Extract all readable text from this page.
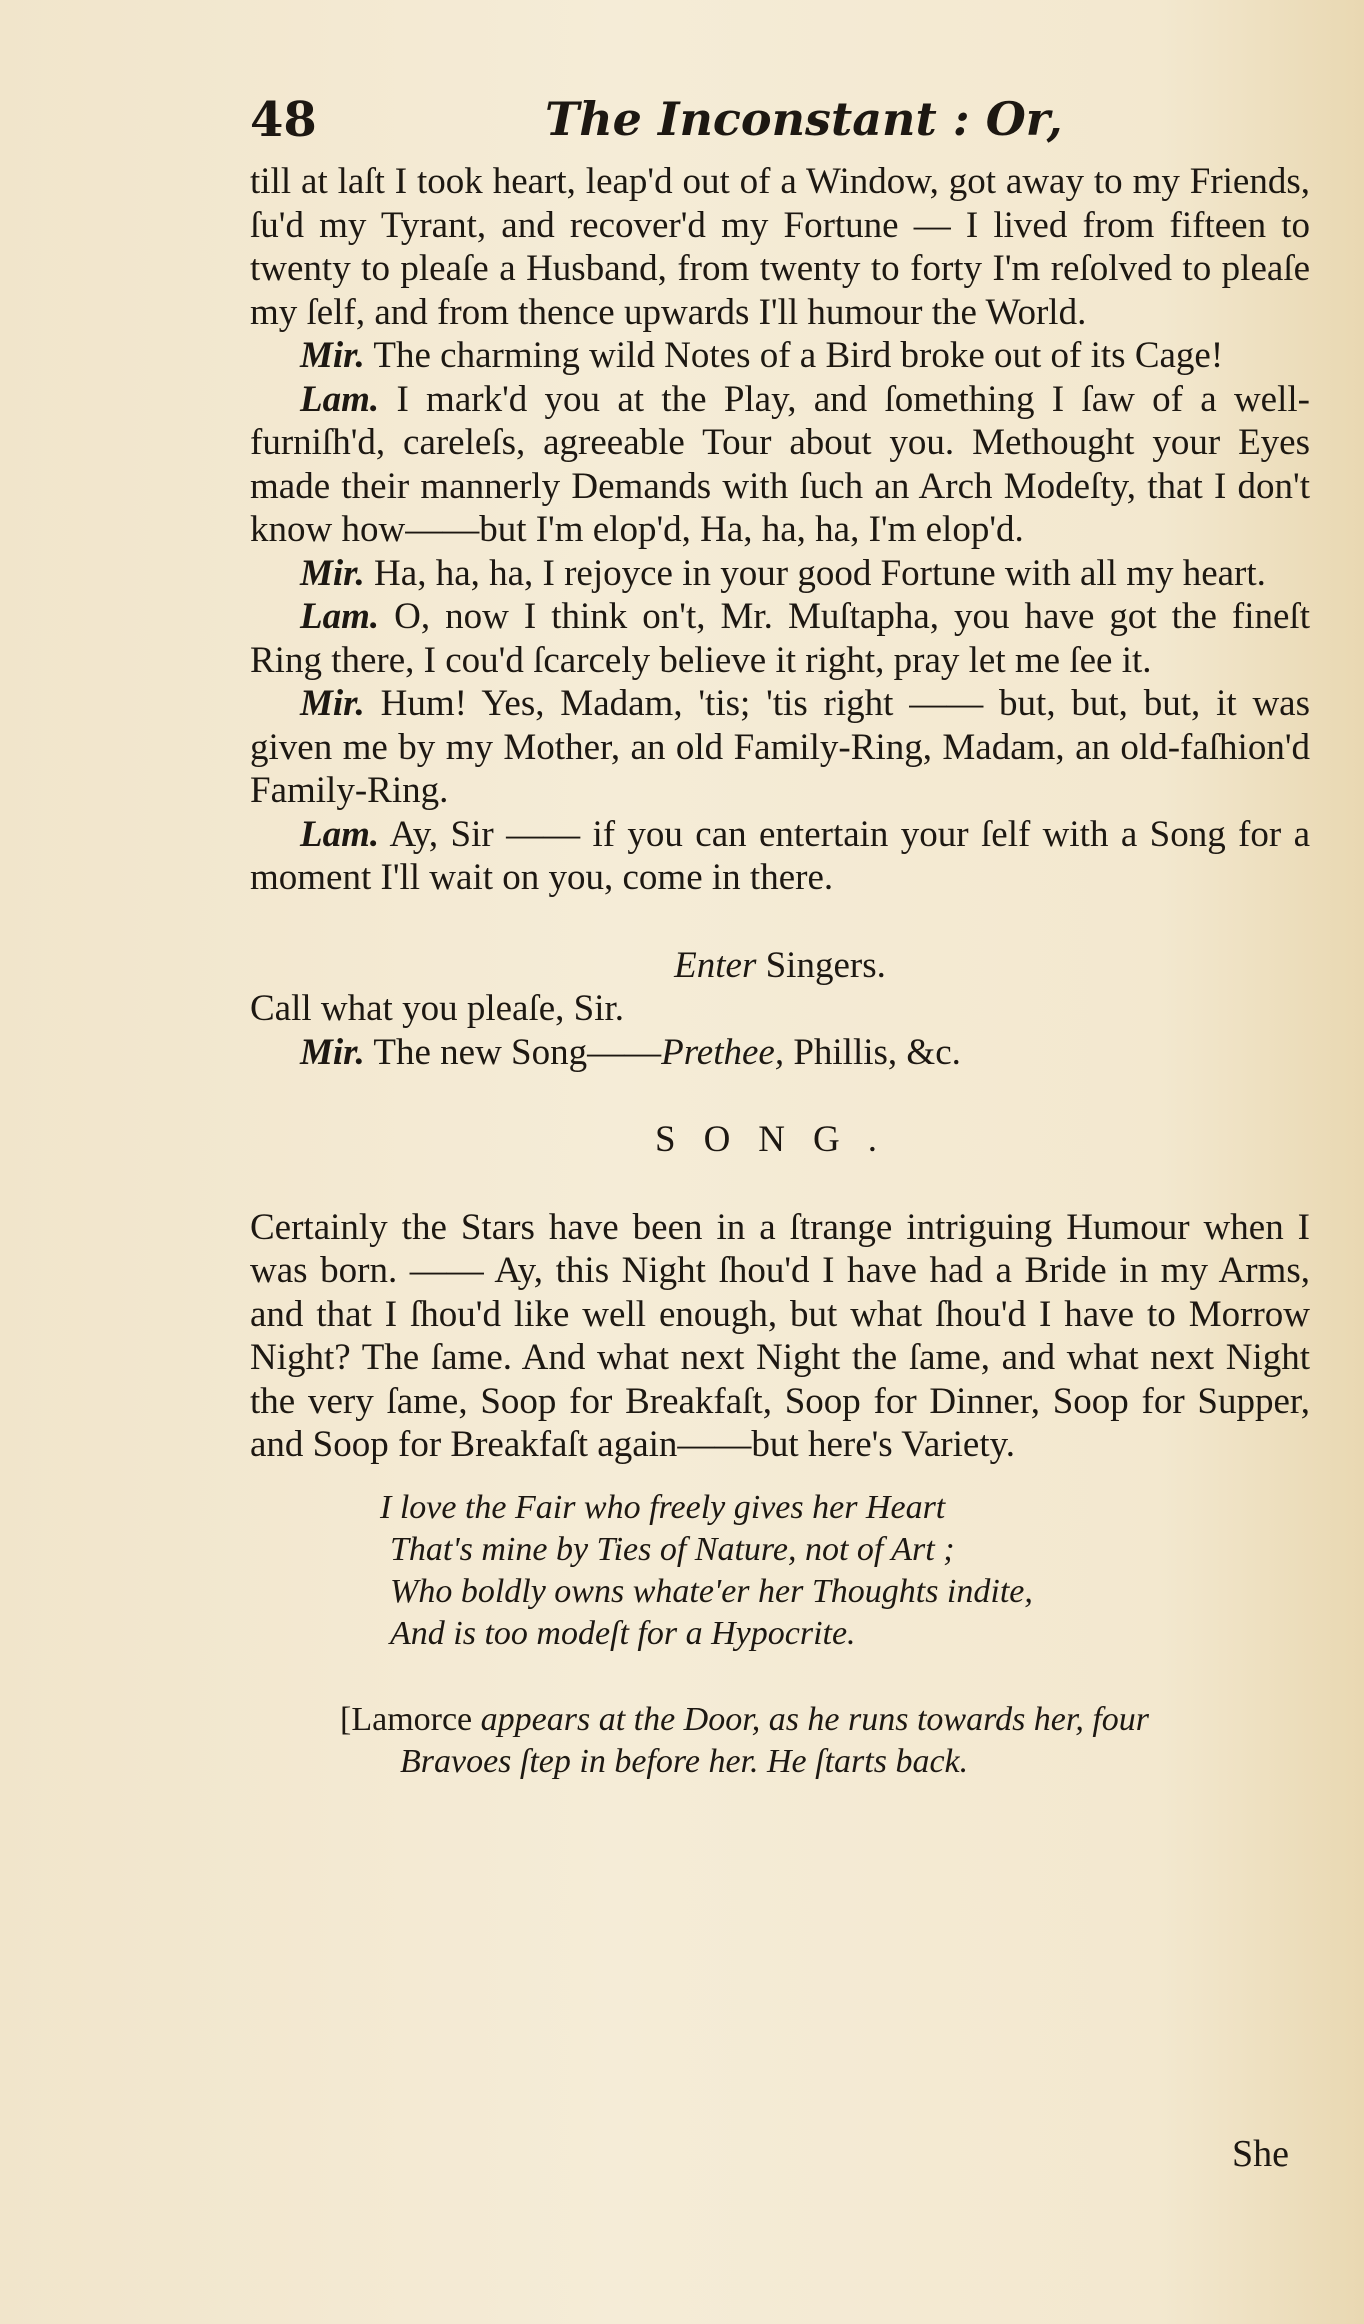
48	The Inconstant : Or,

till at laſt I took heart, leap'd out of a Window, got away to my Friends, ſu'd my Tyrant, and recover'd my Fortune — I lived from fifteen to twenty to pleaſe a Husband, from twenty to forty I'm reſolved to pleaſe my ſelf, and from thence upwards I'll humour the World.

Mir. The charming wild Notes of a Bird broke out of its Cage!

Lam. I mark'd you at the Play, and ſomething I ſaw of a well-furniſh'd, careleſs, agreeable Tour about you. Methought your Eyes made their mannerly Demands with ſuch an Arch Modeſty, that I don't know how——but I'm elop'd, Ha, ha, ha, I'm elop'd.

Mir. Ha, ha, ha, I rejoyce in your good Fortune with all my heart.

Lam. O, now I think on't, Mr. Muſtapha, you have got the fineſt Ring there, I cou'd ſcarcely believe it right, pray let me ſee it.

Mir. Hum! Yes, Madam, 'tis; 'tis right —— but, but, but, it was given me by my Mother, an old Family-Ring, Madam, an old-faſhion'd Family-Ring.

Lam. Ay, Sir —— if you can entertain your ſelf with a Song for a moment I'll wait on you, come in there.

Enter Singers.

Call what you pleaſe, Sir.

Mir. The new Song——Prethee, Phillis, &c.

SONG.

Certainly the Stars have been in a ſtrange intriguing Humour when I was born. —— Ay, this Night ſhou'd I have had a Bride in my Arms, and that I ſhou'd like well enough, but what ſhou'd I have to Morrow Night? The ſame. And what next Night the ſame, and what next Night the very ſame, Soop for Breakfaſt, Soop for Dinner, Soop for Supper, and Soop for Breakfaſt again——but here's Variety.

I love the Fair who freely gives her Heart

That's mine by Ties of Nature, not of Art ;

Who boldly owns whate'er her Thoughts indite,

And is too modeſt for a Hypocrite.

[Lamorce appears at the Door, as he runs towards her, four
Bravoes ſtep in before her. He ſtarts back.

She
